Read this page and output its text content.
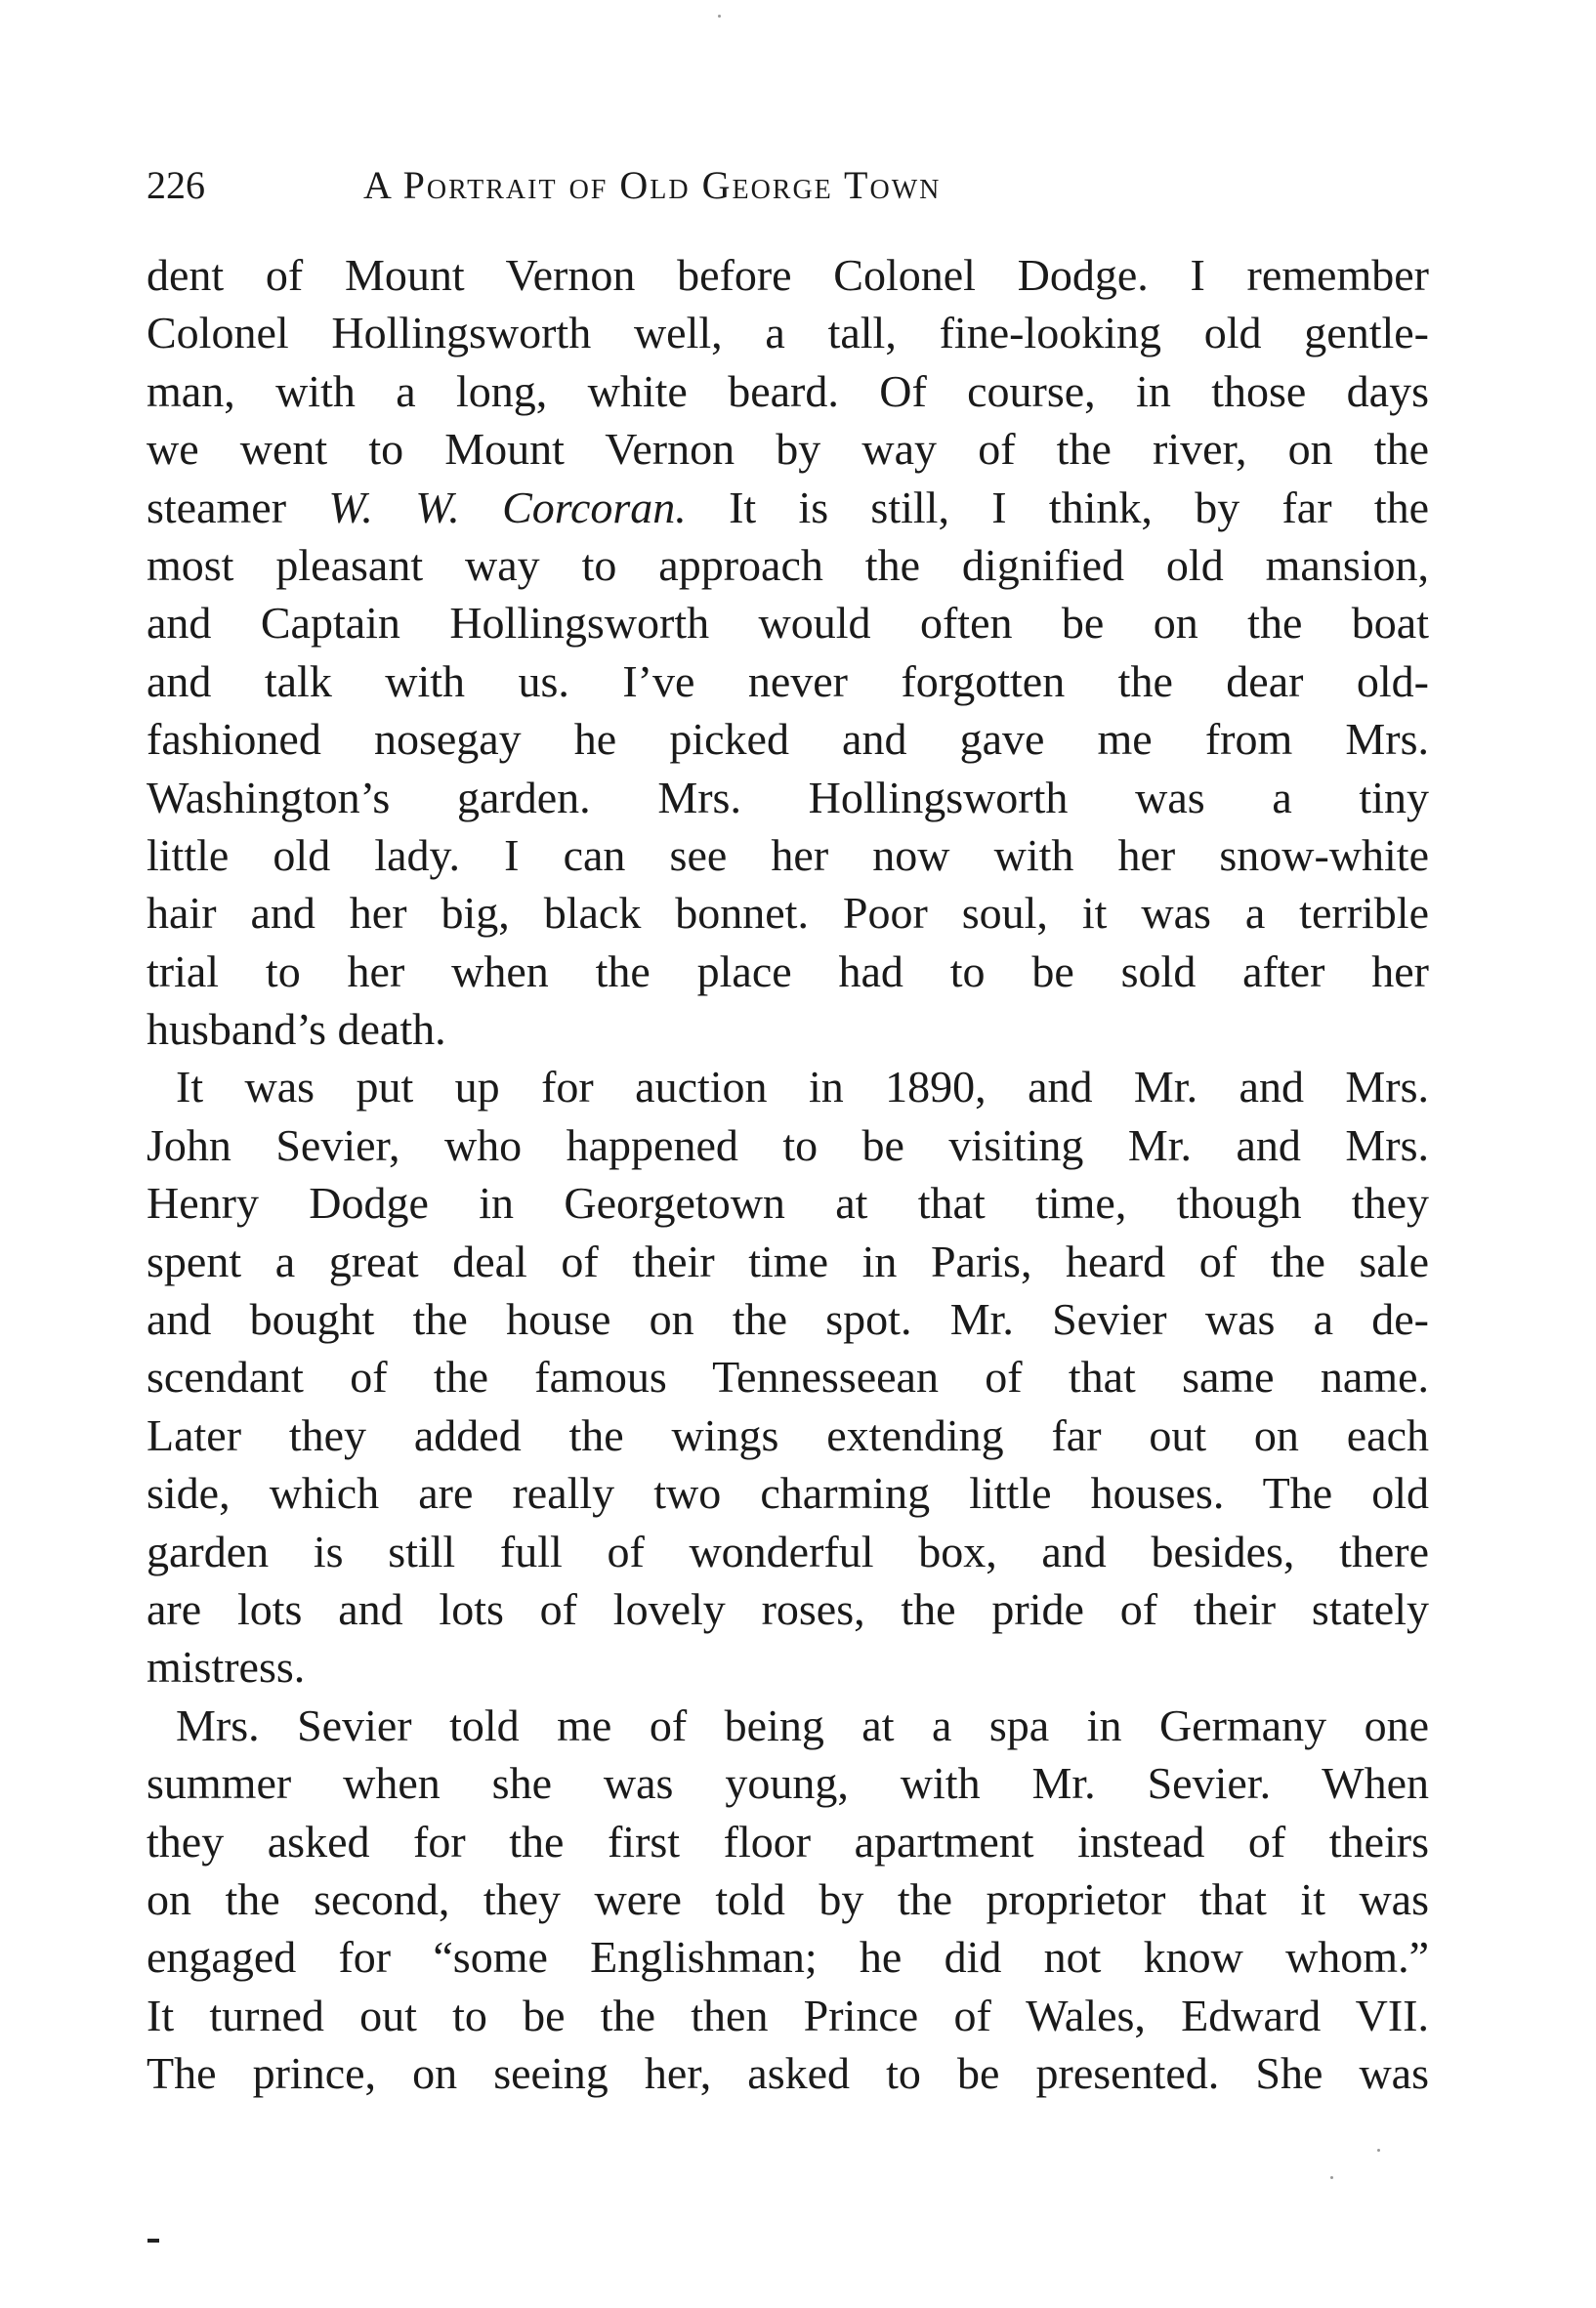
226	A Portrait of Old George Town
dent of Mount Vernon before Colonel Dodge. I remember
Colonel Hollingsworth well, a tall, fine-looking old gentle-
man, with a long, white beard. Of course, in those days
we went to Mount Vernon by way of the river, on the
steamer W. W. Corcoran. It is still, I think, by far the
most pleasant way to approach the dignified old mansion,
and Captain Hollingsworth would often be on the boat
and talk with us. I’ve never forgotten the dear old-
fashioned nosegay he picked and gave me from Mrs.
Washington’s garden. Mrs. Hollingsworth was a tiny
little old lady. I can see her now with her snow-white
hair and her big, black bonnet. Poor soul, it was a terrible
trial to her when the place had to be sold after her
husband’s death.
It was put up for auction in 1890, and Mr. and Mrs.
John Sevier, who happened to be visiting Mr. and Mrs.
Henry Dodge in Georgetown at that time, though they
spent a great deal of their time in Paris, heard of the sale
and bought the house on the spot. Mr. Sevier was a de-
scendant of the famous Tennesseean of that same name.
Later they added the wings extending far out on each
side, which are really two charming little houses. The old
garden is still full of wonderful box, and besides, there
are lots and lots of lovely roses, the pride of their stately
mistress.
Mrs. Sevier told me of being at a spa in Germany one
summer when she was young, with Mr. Sevier. When
they asked for the first floor apartment instead of theirs
on the second, they were told by the proprietor that it was
engaged for “some Englishman; he did not know whom.”
It turned out to be the then Prince of Wales, Edward VII.
The prince, on seeing her, asked to be presented. She was
